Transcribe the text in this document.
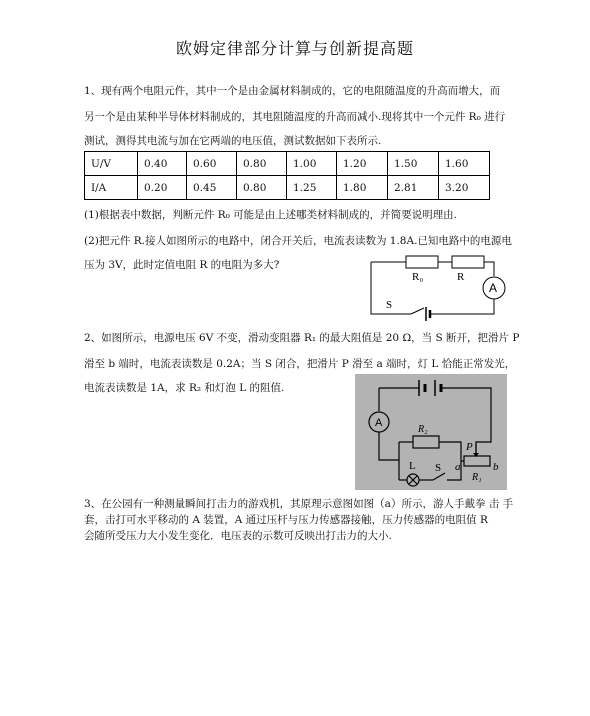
欧姆定律部分计算与创新提高题
1、现有两个电阻元件，其中一个是由金属材料制成的，它的电阻随温度的升高而增大，而
另一个是由某种半导体材料制成的，其电阻随温度的升高而减小.现将其中一个元件 R₀ 进行
测试，测得其电流与加在它两端的电压值，测试数据如下表所示.
U/V	0.40	0.60	0.80	1.00	1.20	1.50	1.60
I/A	0.20	0.45	0.80	1.25	1.80	2.81	3.20
(1)根据表中数据，判断元件 R₀ 可能是由上述哪类材料制成的，并简要说明理由.
(2)把元件 R.接人如图所示的电路中，闭合开关后，电流表读数为 1.8A.已知电路中的电源电
压为 3V，此时定值电阻 R 的电阻为多大?
R₀	R
A
S
2、如图所示，电源电压 6V 不变，滑动变阻器 R₁ 的最大阻值是 20 Ω，当 S 断开，把滑片 P
滑至 b 端时，电流表读数是 0.2A；当 S 闭合，把滑片 P 滑至 a 端时，灯 L 恰能正常发光，
电流表读数是 1A，求 R₂ 和灯泡 L 的阻值.
A
R₂
P
L S a
R₁
b
3、在公园有一种测量瞬间打击力的游戏机，其原理示意图如图（a）所示，游人手戴拳 击 手
套，击打可水平移动的 A 装置，A 通过压杆与压力传感器接触，压力传感器的电阻值 R
会随所受压力大小发生变化．电压表的示数可反映出打击力的大小.
